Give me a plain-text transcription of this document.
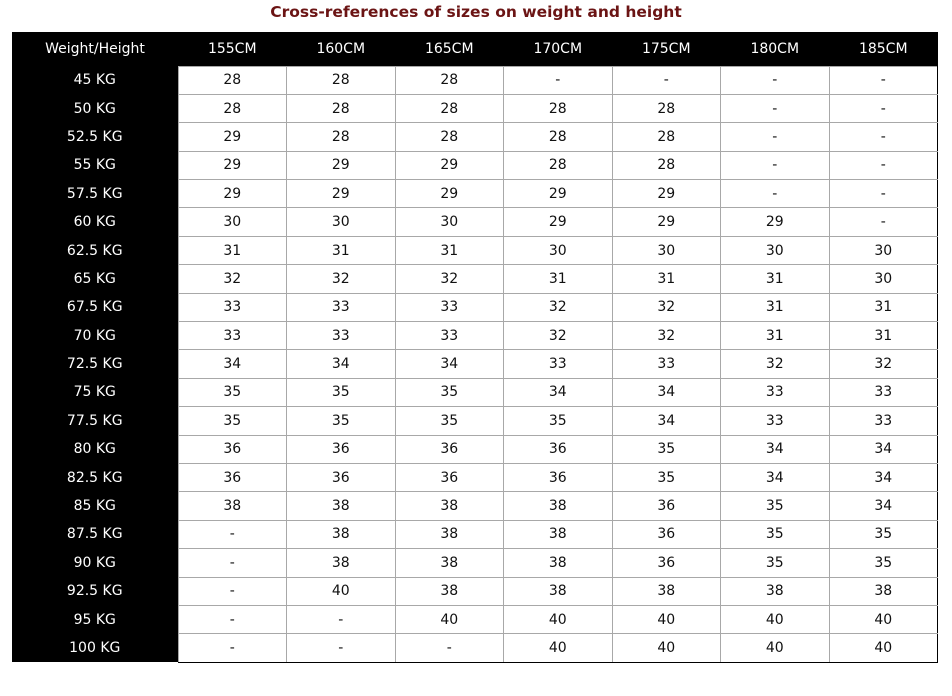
Cross-references of sizes on weight and height
Weight/Height	155CM	160CM	165CM	170CM	175CM	180CM	185CM
45 KG	28	28	28	-	-	-	-
50 KG	28	28	28	28	28	-	-
52.5 KG	29	28	28	28	28	-	-
55 KG	29	29	29	28	28	-	-
57.5 KG	29	29	29	29	29	-	-
60 KG	30	30	30	29	29	29	-
62.5 KG	31	31	31	30	30	30	30
65 KG	32	32	32	31	31	31	30
67.5 KG	33	33	33	32	32	31	31
70 KG	33	33	33	32	32	31	31
72.5 KG	34	34	34	33	33	32	32
75 KG	35	35	35	34	34	33	33
77.5 KG	35	35	35	35	34	33	33
80 KG	36	36	36	36	35	34	34
82.5 KG	36	36	36	36	35	34	34
85 KG	38	38	38	38	36	35	34
87.5 KG	-	38	38	38	36	35	35
90 KG	-	38	38	38	36	35	35
92.5 KG	-	40	38	38	38	38	38
95 KG	-	-	40	40	40	40	40
100 KG	-	-	-	40	40	40	40
